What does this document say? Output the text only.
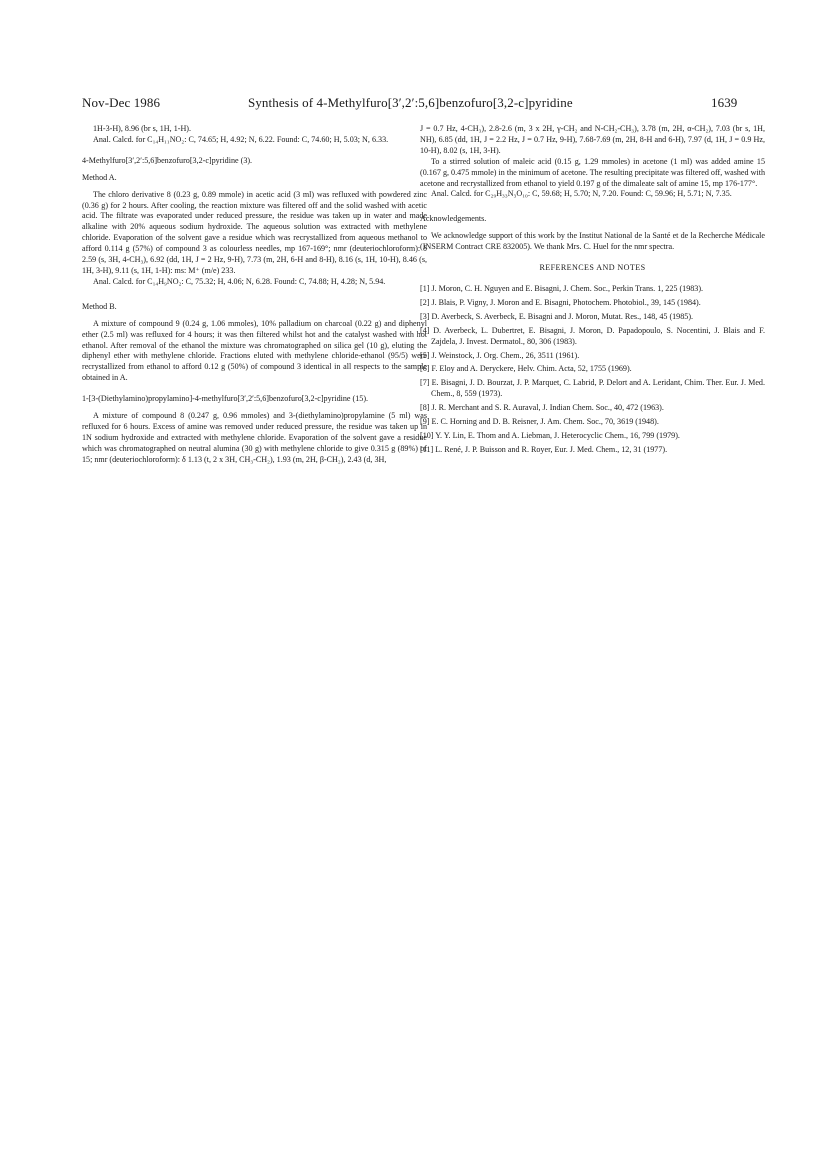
Nov-Dec 1986	Synthesis of 4-Methylfuro[3′,2′:5,6]benzofuro[3,2-c]pyridine	1639

1H-3-H), 8.96 (br s, 1H, 1-H).

Anal. Calcd. for C₁₄H₁₁NO₂: C, 74.65; H, 4.92; N, 6.22. Found: C, 74.60; H, 5.03; N, 6.33.

4-Methylfuro[3′,2′:5,6]benzofuro[3,2-c]pyridine (3).

Method A.

The chloro derivative 8 (0.23 g, 0.89 mmole) in acetic acid (3 ml) was refluxed with powdered zinc (0.36 g) for 2 hours. After cooling, the reaction mixture was filtered off and the solid washed with acetic acid. The filtrate was evaporated under reduced pressure, the residue was taken up in water and made alkaline with 20% aqueous sodium hydroxide. The aqueous solution was extracted with methylene chloride. Evaporation of the solvent gave a residue which was recrystallized from aqueous methanol to afford 0.114 g (57%) of compound 3 as colourless needles, mp 167-169°; nmr (deuteriochloroform): δ 2.59 (s, 3H, 4-CH₃), 6.92 (dd, 1H, J = 2 Hz, 9-H), 7.73 (m, 2H, 6-H and 8-H), 8.16 (s, 1H, 10-H), 8.46 (s, 1H, 3-H), 9.11 (s, 1H, 1-H): ms: M⁺ (m/e) 233.

Anal. Calcd. for C₁₄H₉NO₂: C, 75.32; H, 4.06; N, 6.28. Found: C, 74.88; H, 4.28; N, 5.94.

Method B.

A mixture of compound 9 (0.24 g, 1.06 mmoles), 10% palladium on charcoal (0.22 g) and diphenyl ether (2.5 ml) was refluxed for 4 hours; it was then filtered whilst hot and the catalyst washed with hot ethanol. After removal of the ethanol the mixture was chromatographed on silica gel (10 g), eluting the diphenyl ether with methylene chloride. Fractions eluted with methylene chloride-ethanol (95/5) were recrystallized from ethanol to afford 0.12 g (50%) of compound 3 identical in all respects to the sample obtained in A.

1-[3-(Diethylamino)propylamino]-4-methylfuro[3′,2′:5,6]benzofuro[3,2-c]pyridine (15).

A mixture of compound 8 (0.247 g, 0.96 mmoles) and 3-(diethylamino)propylamine (5 ml) was refluxed for 6 hours. Excess of amine was removed under reduced pressure, the residue was taken up in 1N sodium hydroxide and extracted with methylene chloride. Evaporation of the solvent gave a residue which was chromatographed on neutral alumina (30 g) with methylene chloride to give 0.315 g (89%) of 15; nmr (deuteriochloroform): δ 1.13 (t, 2 x 3H, CH₃-CH₂), 1.93 (m, 2H, β-CH₂), 2.43 (d, 3H,

J = 0.7 Hz, 4-CH₃), 2.8-2.6 (m, 3 x 2H, γ-CH₂ and N-CH₂-CH₃), 3.78 (m, 2H, α-CH₂), 7.03 (br s, 1H, NH), 6.85 (dd, 1H, J = 2.2 Hz, J = 0.7 Hz, 9-H), 7.68-7.69 (m, 2H, 8-H and 6-H), 7.97 (d, 1H, J = 0.9 Hz, 10-H), 8.02 (s, 1H, 3-H).

To a stirred solution of maleic acid (0.15 g, 1.29 mmoles) in acetone (1 ml) was added amine 15 (0.167 g, 0.475 mmole) in the minimum of acetone. The resulting precipitate was filtered off, washed with acetone and recrystallized from ethanol to yield 0.197 g of the dimaleate salt of amine 15, mp 176-177°.

Anal. Calcd. for C₂₉H₃₃N₃O₁₀: C, 59.68; H, 5.70; N, 7.20. Found: C, 59.96; H, 5.71; N, 7.35.

Acknowledgements.

We acknowledge support of this work by the Institut National de la Santé et de la Recherche Médicale (INSERM Contract CRE 832005). We thank Mrs. C. Huel for the nmr spectra.

REFERENCES AND NOTES

[1] J. Moron, C. H. Nguyen and E. Bisagni, J. Chem. Soc., Perkin Trans. 1, 225 (1983).

[2] J. Blais, P. Vigny, J. Moron and E. Bisagni, Photochem. Photobiol., 39, 145 (1984).

[3] D. Averbeck, S. Averbeck, E. Bisagni and J. Moron, Mutat. Res., 148, 45 (1985).

[4] D. Averbeck, L. Dubertret, E. Bisagni, J. Moron, D. Papadopoulo, S. Nocentini, J. Blais and F. Zajdela, J. Invest. Dermatol., 80, 306 (1983).

[5] J. Weinstock, J. Org. Chem., 26, 3511 (1961).

[6] F. Eloy and A. Deryckere, Helv. Chim. Acta, 52, 1755 (1969).

[7] E. Bisagni, J. D. Bourzat, J. P. Marquet, C. Labrid, P. Delort and A. Leridant, Chim. Ther. Eur. J. Med. Chem., 8, 559 (1973).

[8] J. R. Merchant and S. R. Auraval, J. Indian Chem. Soc., 40, 472 (1963).

[9] E. C. Horning and D. B. Reisner, J. Am. Chem. Soc., 70, 3619 (1948).

[10] Y. Y. Lin, E. Thom and A. Liebman, J. Heterocyclic Chem., 16, 799 (1979).

[11] L. René, J. P. Buisson and R. Royer, Eur. J. Med. Chem., 12, 31 (1977).
